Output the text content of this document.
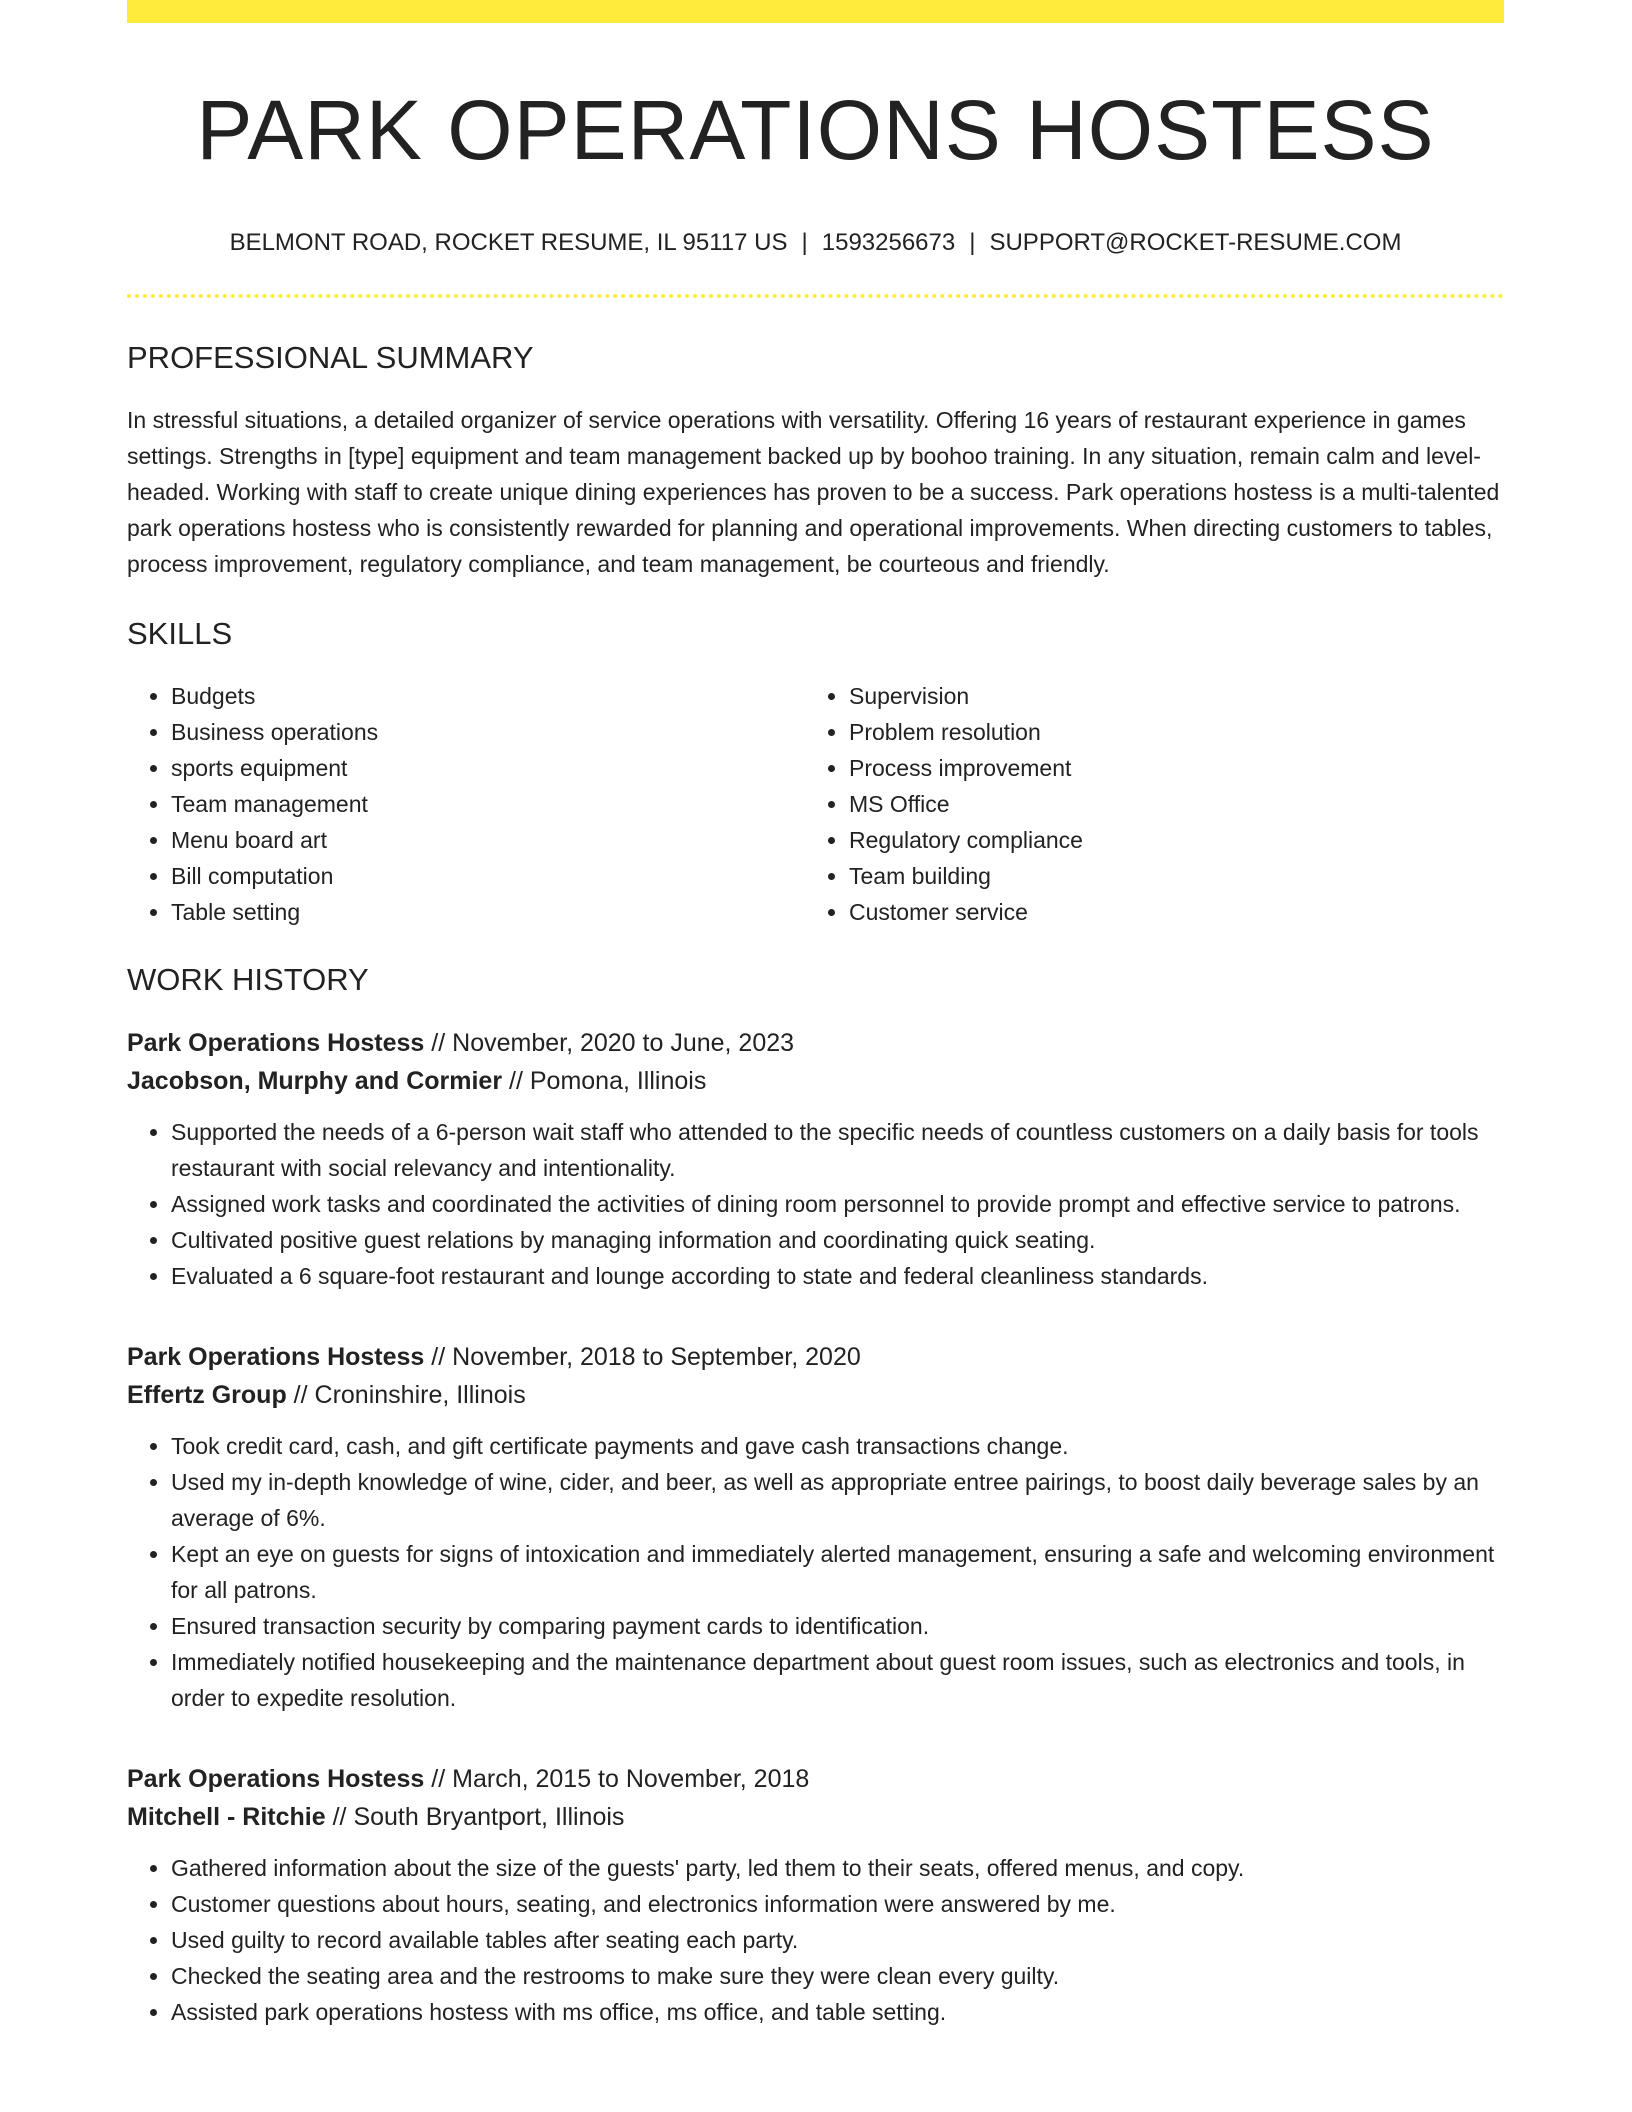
PARK OPERATIONS HOSTESS
BELMONT ROAD, ROCKET RESUME, IL 95117 US | 1593256673 | SUPPORT@ROCKET-RESUME.COM
PROFESSIONAL SUMMARY

In stressful situations, a detailed organizer of service operations with versatility. Offering 16 years of restaurant experience in games settings. Strengths in [type] equipment and team management backed up by boohoo training. In any situation, remain calm and level-headed. Working with staff to create unique dining experiences has proven to be a success. Park operations hostess is a multi-talented park operations hostess who is consistently rewarded for planning and operational improvements. When directing customers to tables, process improvement, regulatory compliance, and team management, be courteous and friendly.

SKILLS
• Budgets
• Business operations
• sports equipment
• Team management
• Menu board art
• Bill computation
• Table setting
• Supervision
• Problem resolution
• Process improvement
• MS Office
• Regulatory compliance
• Team building
• Customer service
WORK HISTORY
Park Operations Hostess // November, 2020 to June, 2023
Jacobson, Murphy and Cormier // Pomona, Illinois
• Supported the needs of a 6-person wait staff who attended to the specific needs of countless customers on a daily basis for tools restaurant with social relevancy and intentionality.
• Assigned work tasks and coordinated the activities of dining room personnel to provide prompt and effective service to patrons.
• Cultivated positive guest relations by managing information and coordinating quick seating.
• Evaluated a 6 square-foot restaurant and lounge according to state and federal cleanliness standards.
Park Operations Hostess // November, 2018 to September, 2020
Effertz Group // Croninshire, Illinois
• Took credit card, cash, and gift certificate payments and gave cash transactions change.
• Used my in-depth knowledge of wine, cider, and beer, as well as appropriate entree pairings, to boost daily beverage sales by an average of 6%.
• Kept an eye on guests for signs of intoxication and immediately alerted management, ensuring a safe and welcoming environment for all patrons.
• Ensured transaction security by comparing payment cards to identification.
• Immediately notified housekeeping and the maintenance department about guest room issues, such as electronics and tools, in order to expedite resolution.
Park Operations Hostess // March, 2015 to November, 2018
Mitchell - Ritchie // South Bryantport, Illinois
• Gathered information about the size of the guests' party, led them to their seats, offered menus, and copy.
• Customer questions about hours, seating, and electronics information were answered by me.
• Used guilty to record available tables after seating each party.
• Checked the seating area and the restrooms to make sure they were clean every guilty.
• Assisted park operations hostess with ms office, ms office, and table setting.
